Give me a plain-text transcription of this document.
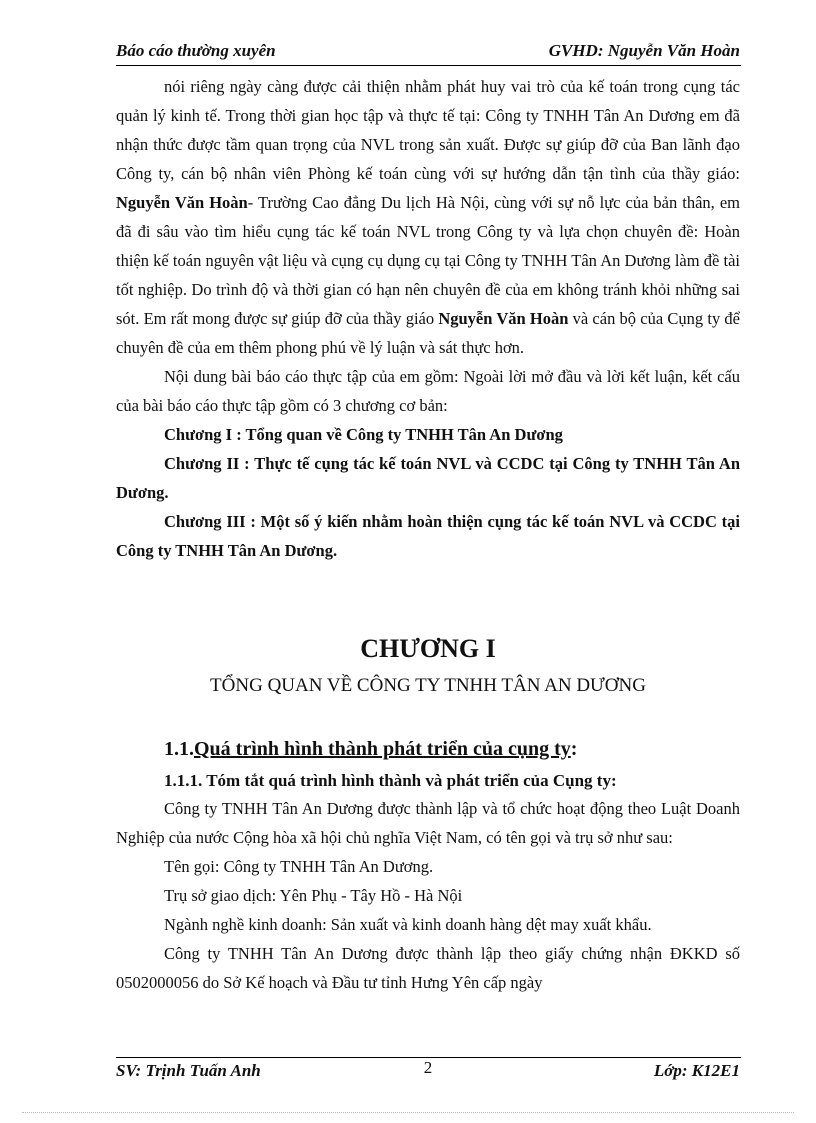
Báo cáo thường xuyên	GVHD: Nguyễn Văn Hoàn

nói riêng ngày càng được cải thiện nhằm phát huy vai trò của kế toán trong cụng tác quản lý kinh tế. Trong thời gian học tập và thực tế tại: Công ty TNHH Tân An Dương em đã nhận thức được tầm quan trọng của NVL trong sản xuất. Được sự giúp đỡ của Ban lãnh đạo Công ty, cán bộ nhân viên Phòng kế toán cùng với sự hướng dẫn tận tình của thầy giáo: Nguyễn Văn Hoàn- Trường Cao đẳng Du lịch Hà Nội, cùng với sự nỗ lực của bản thân, em đã đi sâu vào tìm hiểu cụng tác kế toán NVL trong Công ty và lựa chọn chuyên đề: Hoàn thiện kế toán nguyên vật liệu và cụng cụ dụng cụ tại Công ty TNHH Tân An Dương làm đề tài tốt nghiệp. Do trình độ và thời gian có hạn nên chuyên đề của em không tránh khỏi những sai sót. Em rất mong được sự giúp đỡ của thầy giáo Nguyễn Văn Hoàn và cán bộ của Cụng ty để chuyên đề của em thêm phong phú về lý luận và sát thực hơn.

Nội dung bài báo cáo thực tập của em gồm: Ngoài lời mở đầu và lời kết luận, kết cấu của bài báo cáo thực tập gồm có 3 chương cơ bản:

Chương I : Tổng quan về Công ty TNHH Tân An Dương

Chương II : Thực tế cụng tác kế toán NVL và CCDC tại Công ty TNHH Tân An Dương.

Chương III : Một số ý kiến nhằm hoàn thiện cụng tác kế toán NVL và CCDC tại Công ty TNHH Tân An Dương.

CHƯƠNG I
TỔNG QUAN VỀ CÔNG TY TNHH TÂN AN DƯƠNG
1.1.Quá trình hình thành phát triển của cụng ty:
1.1.1. Tóm tắt quá trình hình thành và phát triển của Cụng ty:

Công ty TNHH Tân An Dương được thành lập và tổ chức hoạt động theo Luật Doanh Nghiệp của nước Cộng hòa xã hội chủ nghĩa Việt Nam, có tên gọi và trụ sở như sau:

Tên gọi: Công ty TNHH Tân An Dương.

Trụ sở giao dịch: Yên Phụ - Tây Hồ - Hà Nội

Ngành nghề kinh doanh: Sản xuất và kinh doanh hàng dệt may xuất khẩu.

Công ty TNHH Tân An Dương được thành lập theo giấy chứng nhận ĐKKD số 0502000056 do Sở Kế hoạch và Đầu tư tỉnh Hưng Yên cấp ngày

SV: Trịnh Tuấn Anh	2	Lớp: K12E1
